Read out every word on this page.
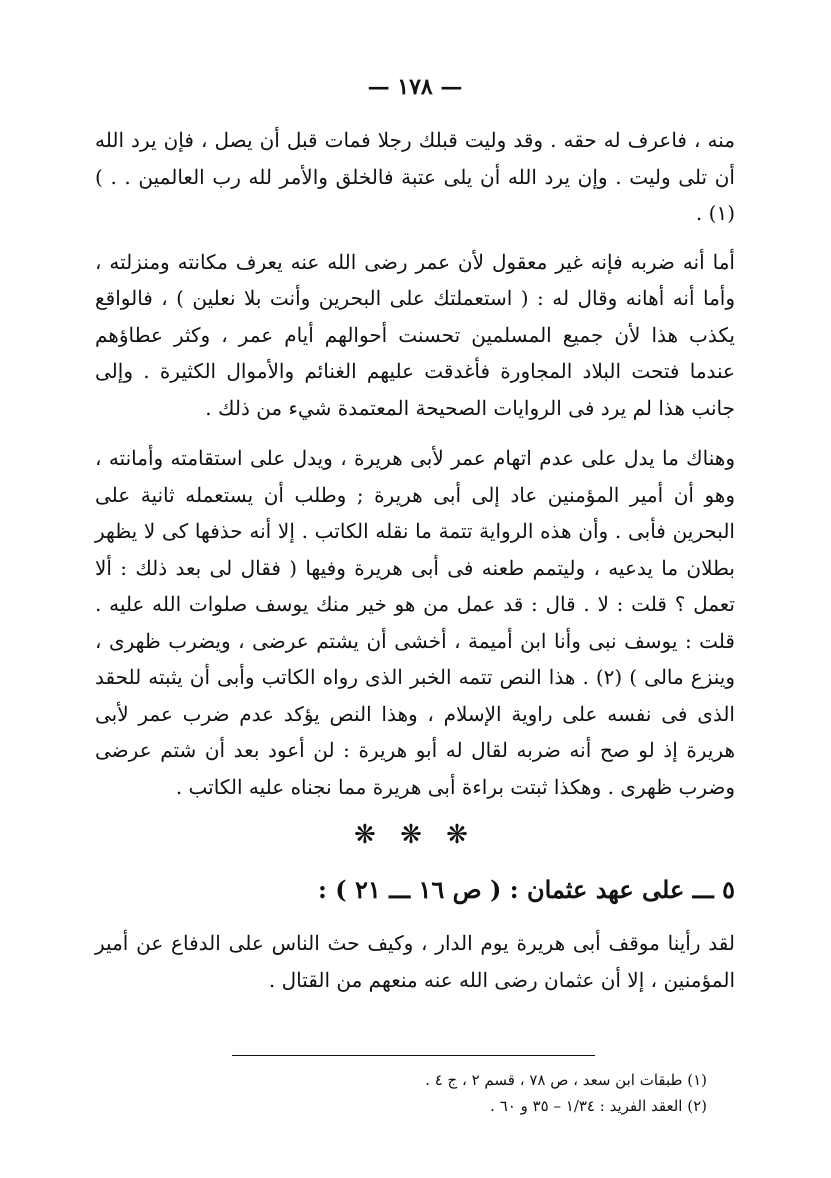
— ١٧٨ —

منه ، فاعرف له حقه . وقد وليت قبلك رجلا فمات قبل أن يصل ، فإن يرد الله أن تلى وليت . وإن يرد الله أن يلى عتبة فالخلق والأمر لله رب العالمين . . ) (١) .

أما أنه ضربه فإنه غير معقول لأن عمر رضى الله عنه يعرف مكانته ومنزلته ، وأما أنه أهانه وقال له : ( استعملتك على البحرين وأنت بلا نعلين ) ، فالواقع يكذب هذا لأن جميع المسلمين تحسنت أحوالهم أيام عمر ، وكثر عطاؤهم عندما فتحت البلاد المجاورة فأغدقت عليهم الغنائم والأموال الكثيرة . وإلى جانب هذا لم يرد فى الروايات الصحيحة المعتمدة شيء من ذلك .

وهناك ما يدل على عدم اتهام عمر لأبى هريرة ، ويدل على استقامته وأمانته ، وهو أن أمير المؤمنين عاد إلى أبى هريرة ; وطلب أن يستعمله ثانية على البحرين فأبى . وأن هذه الرواية تتمة ما نقله الكاتب . إلا أنه حذفها كى لا يظهر بطلان ما يدعيه ، وليتمم طعنه فى أبى هريرة وفيها ( فقال لى بعد ذلك : ألا تعمل ؟ قلت : لا . قال : قد عمل من هو خير منك يوسف صلوات الله عليه . قلت : يوسف نبى وأنا ابن أميمة ، أخشى أن يشتم عرضى ، ويضرب ظهرى ، وينزع مالى ) (٢) . هذا النص تتمه الخبر الذى رواه الكاتب وأبى أن يثبته للحقد الذى فى نفسه على راوية الإسلام ، وهذا النص يؤكد عدم ضرب عمر لأبى هريرة إذ لو صح أنه ضربه لقال له أبو هريرة : لن أعود بعد أن شتم عرضى وضرب ظهرى . وهكذا ثبتت براءة أبى هريرة مما نجناه عليه الكاتب .

❋ ❋ ❋
٥ ـــ على عهد عثمان : ( ص ١٦ ـــ ٢١ ) :

لقد رأينا موقف أبى هريرة يوم الدار ، وكيف حث الناس على الدفاع عن أمير المؤمنين ، إلا أن عثمان رضى الله عنه منعهم من القتال .

(١) طبقات ابن سعد ، ص ٧٨ ، قسم ٢ ، ج ٤ .
(٢) العقد الفريد : ١/٣٤ – ٣٥ و ٦٠ .
